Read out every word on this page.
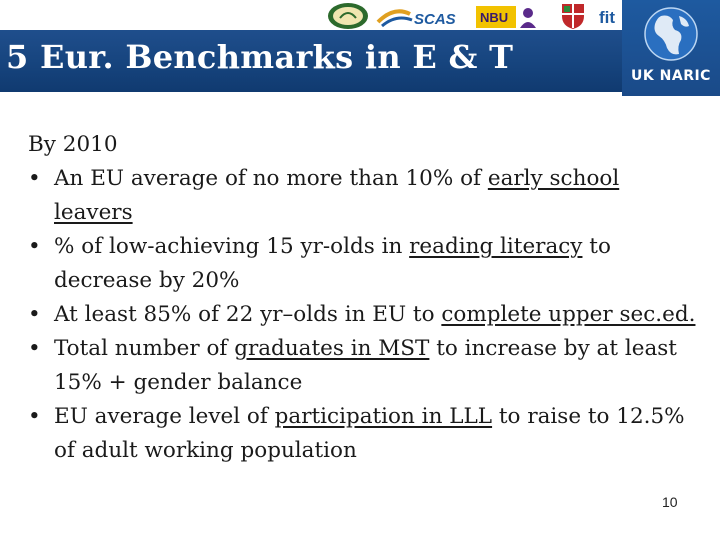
SCAS NBU	fit
5 Eur. Benchmarks in E & T	UK NARIC
By 2010
• An EU average of no more than 10% of early school leavers
• % of low-achieving 15 yr-olds in reading literacy to decrease by 20%
• At least 85% of 22 yr–olds in EU to complete upper sec.ed.
• Total number of graduates in MST to increase by at least 15% + gender balance
• EU average level of participation in LLL to raise to 12.5% of adult working population
10
